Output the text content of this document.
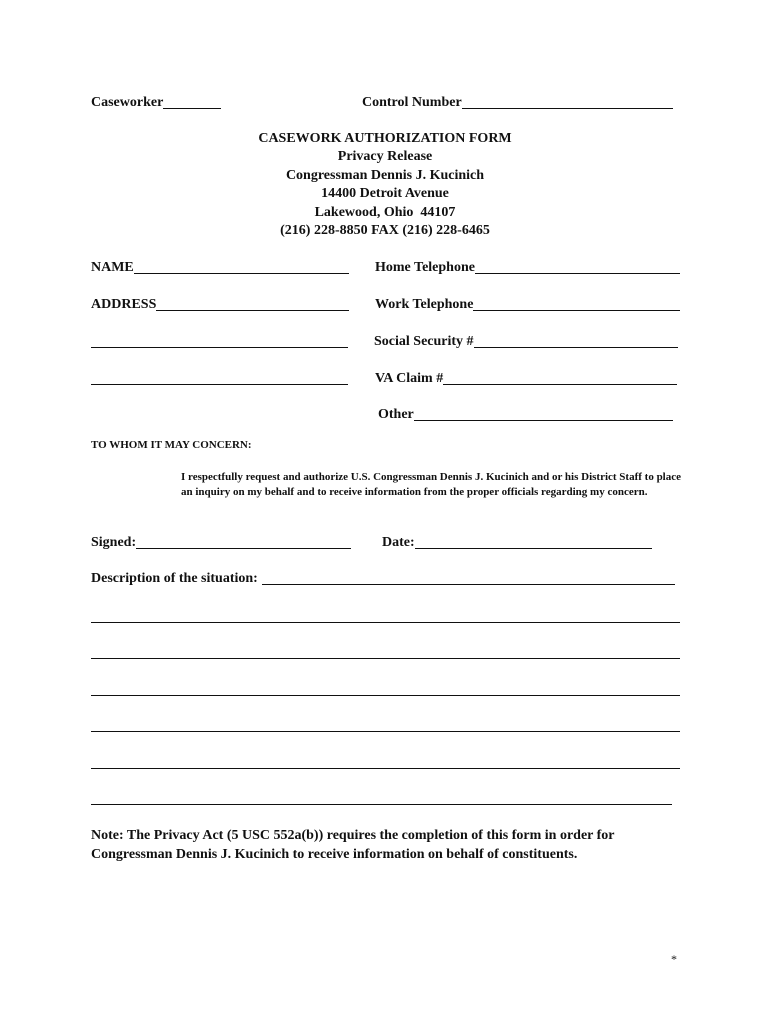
Caseworker	Control Number
CASEWORK AUTHORIZATION FORM
Privacy Release
Congressman Dennis J. Kucinich
14400 Detroit Avenue
Lakewood, Ohio  44107
(216) 228-8850 FAX (216) 228-6465
NAME
ADDRESS
Home Telephone
Work Telephone
Social Security #
VA Claim #
Other
TO WHOM IT MAY CONCERN:
I respectfully request and authorize U.S. Congressman Dennis J. Kucinich and or his District Staff to place an inquiry on my behalf and to receive information from the proper officials regarding my concern.
Signed:	Date:
Description of the situation:
Note: The Privacy Act (5 USC 552a(b)) requires the completion of this form in order for Congressman Dennis J. Kucinich to receive information on behalf of constituents.
*
